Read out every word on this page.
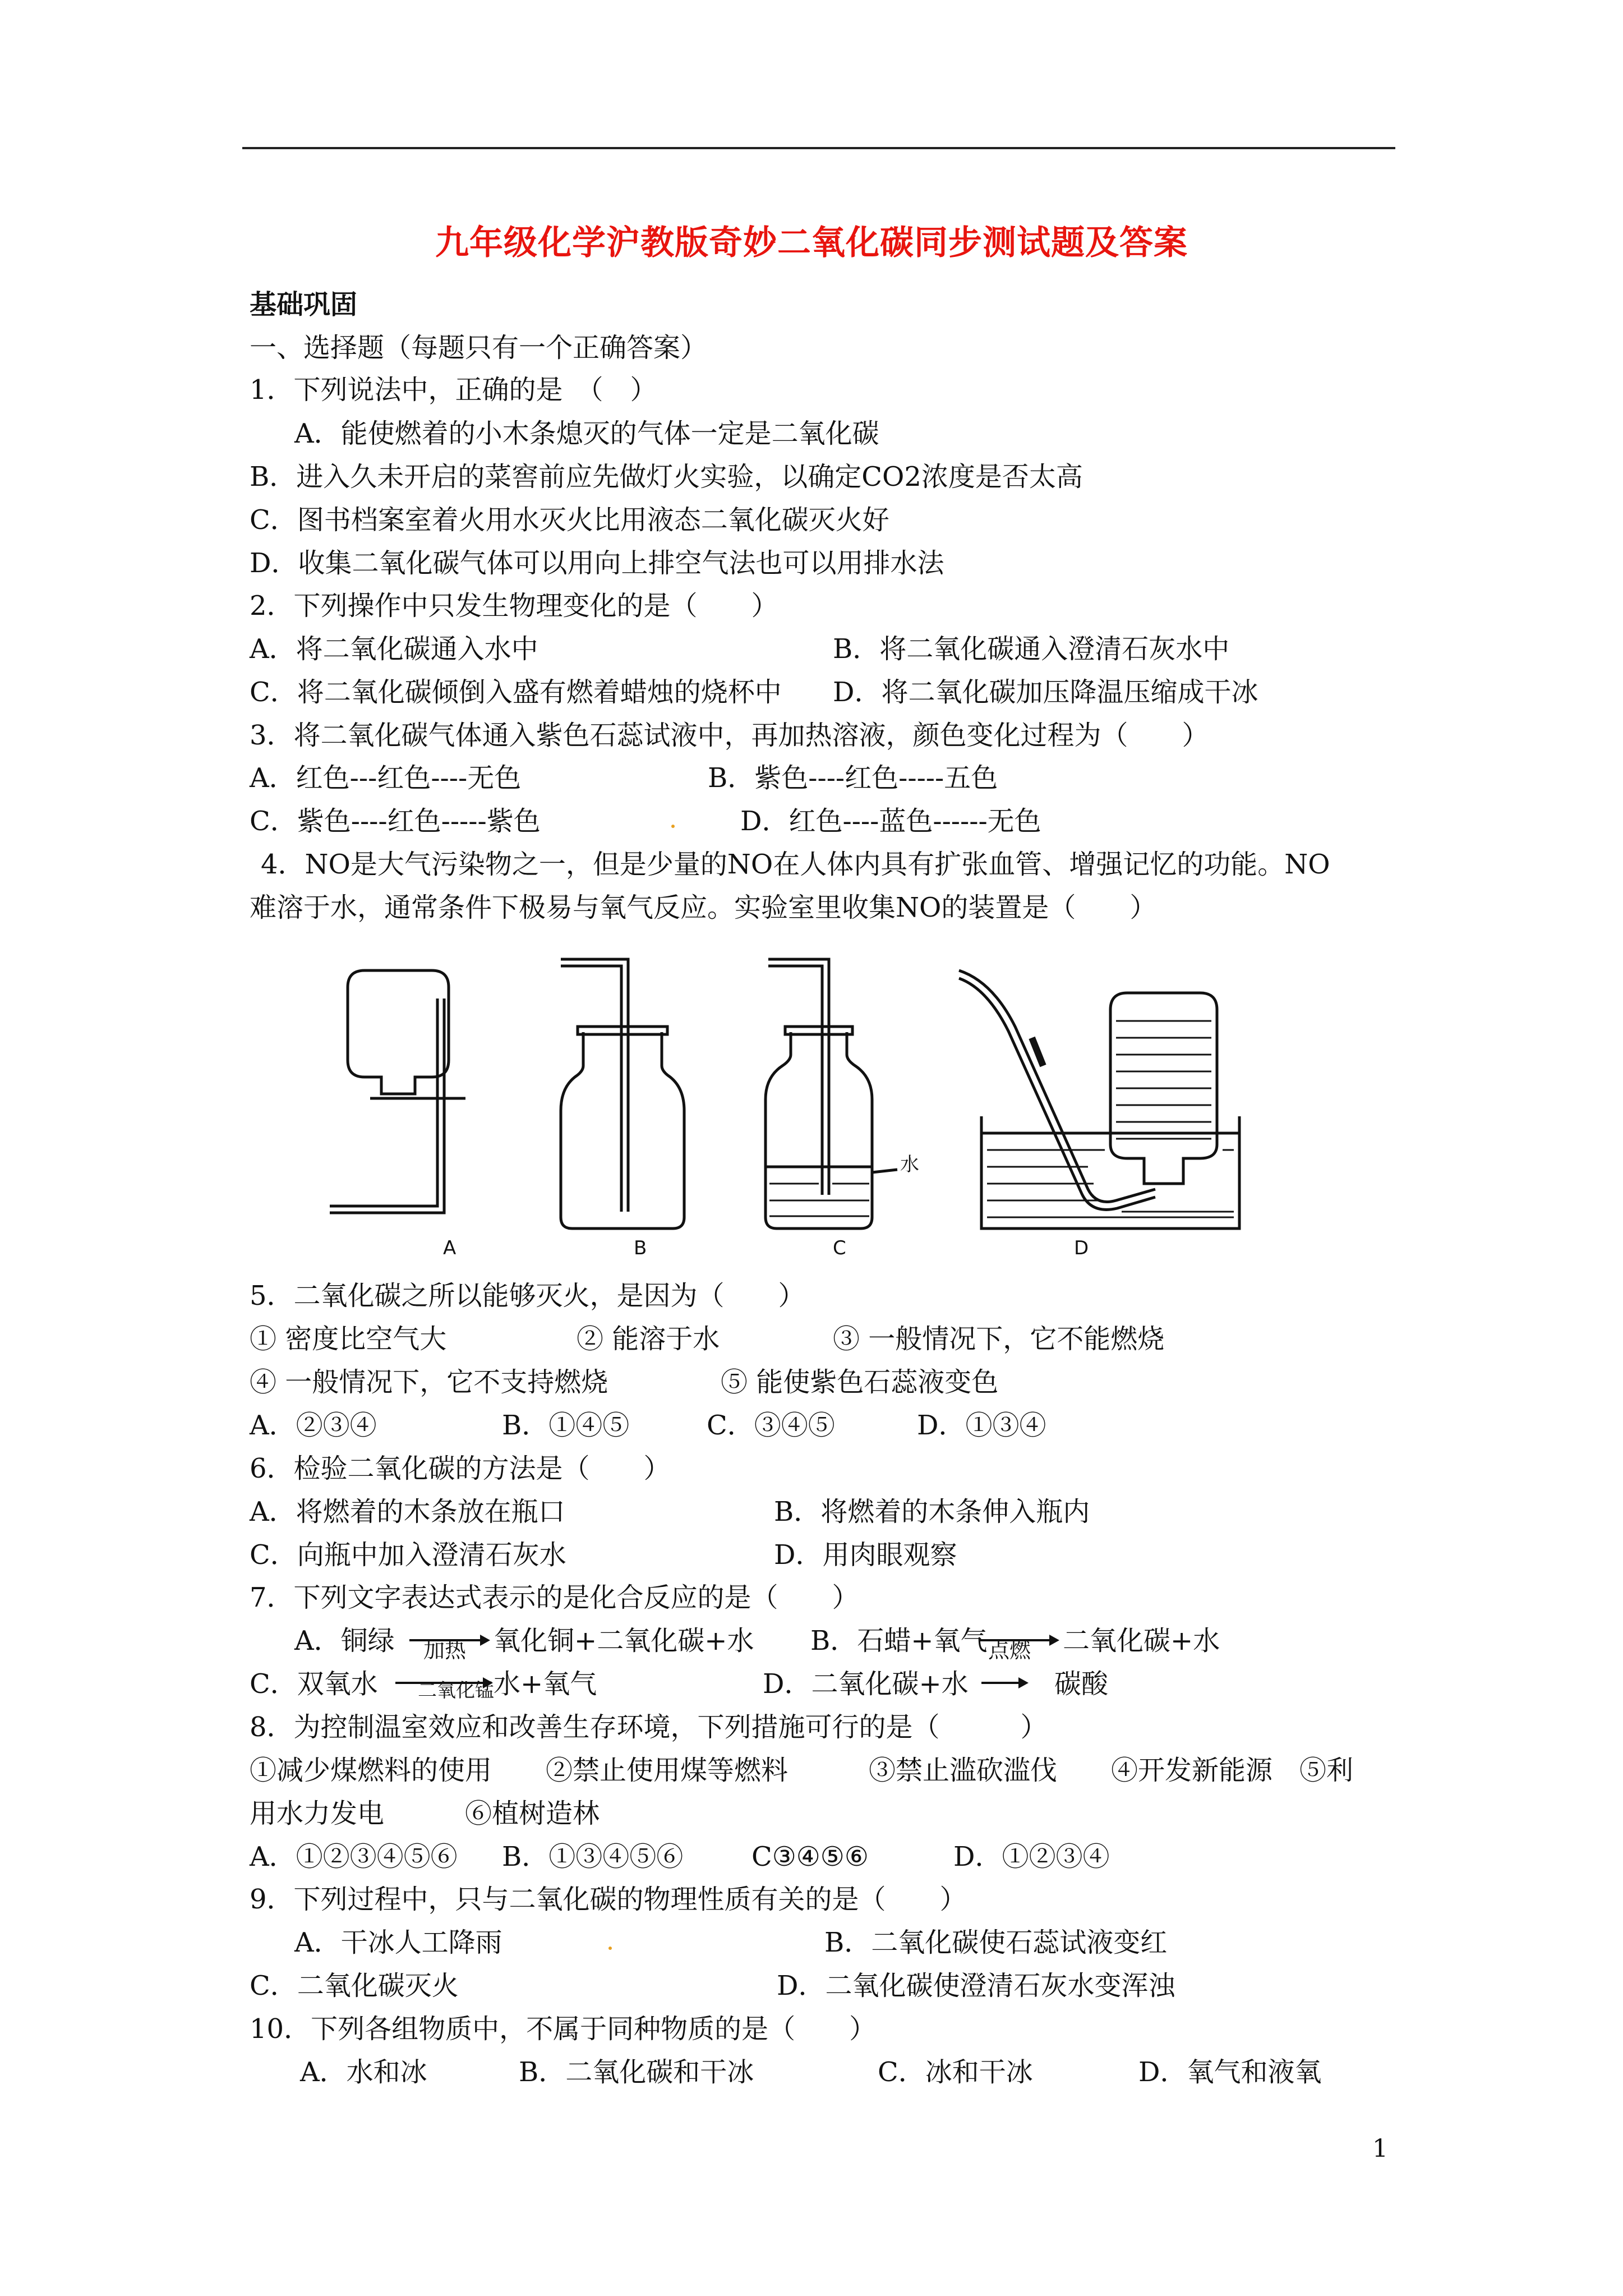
九年级化学沪教版奇妙二氧化碳同步测试题及答案
基础巩固
一、选择题（每题只有一个正确答案）
1．下列说法中，正确的是　（　）
A．能使燃着的小木条熄灭的气体一定是二氧化碳
B．进入久未开启的菜窖前应先做灯火实验，以确定CO2浓度是否太高
C．图书档案室着火用水灭火比用液态二氧化碳灭火好
D．收集二氧化碳气体可以用向上排空气法也可以用排水法
2．下列操作中只发生物理变化的是（　　）
A．将二氧化碳通入水中	B．将二氧化碳通入澄清石灰水中
C．将二氧化碳倾倒入盛有燃着蜡烛的烧杯中 D．将二氧化碳加压降温压缩成干冰
3．将二氧化碳气体通入紫色石蕊试液中，再加热溶液，颜色变化过程为（　　）
A．红色---红色----无色	B．紫色----红色-----五色
C．紫色----红色-----紫色	D．红色----蓝色------无色
4．NO是大气污染物之一，但是少量的NO在人体内具有扩张血管、增强记忆的功能。NO
难溶于水，通常条件下极易与氧气反应。实验室里收集NO的装置是（　　）
水
A	B	C	D
5．二氧化碳之所以能够灭火，是因为（　　）
① 密度比空气大	② 能溶于水	③ 一般情况下，它不能燃烧
④ 一般情况下，它不支持燃烧	⑤ 能使紫色石蕊液变色
A．②③④	B．①④⑤	C．③④⑤	D．①③④
6．检验二氧化碳的方法是（　　）
A．将燃着的木条放在瓶口	B．将燃着的木条伸入瓶内
C．向瓶中加入澄清石灰水	D．用肉眼观察
7．下列文字表达式表示的是化合反应的是（　　）
A．铜绿 加热 氧化铜+二氧化碳+水 B．石蜡+氧气 点燃 二氧化碳+水
C．双氧水 二氧化锰 水+氧气	D．二氧化碳+水	碳酸
8．为控制温室效应和改善生存环境，下列措施可行的是（　　　）
①减少煤燃料的使用　　②禁止使用煤等燃料　　　③禁止滥砍滥伐　　④开发新能源　⑤利
用水力发电　　　⑥植树造林
A．①②③④⑤⑥ B．①③④⑤⑥	C③④⑤⑥	D．①②③④
9．下列过程中，只与二氧化碳的物理性质有关的是（　　）
A．干冰人工降雨	B．二氧化碳使石蕊试液变红
C．二氧化碳灭火	D．二氧化碳使澄清石灰水变浑浊
10．下列各组物质中，不属于同种物质的是（　　）
A．水和冰	B．二氧化碳和干冰	C．冰和干冰	D．氧气和液氧
1
